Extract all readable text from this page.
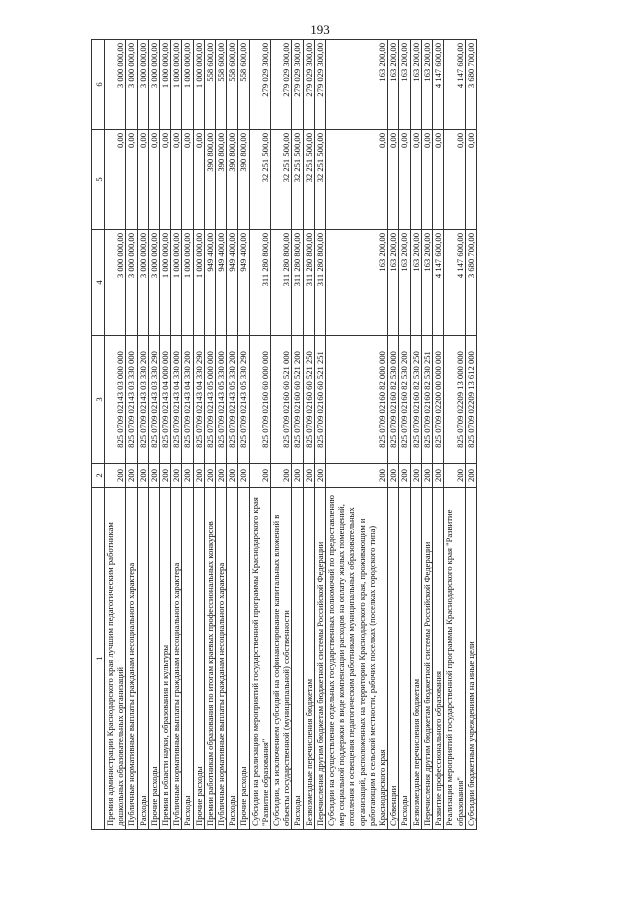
193
1	2	3	4	5	6
Премия администрации Краснодарского края лучшим педагогическим работникам дошкольных образовательных организаций	200	825 0709 02143 03 000 000	3 000 000,00	0,00	3 000 000,00
Публичные нормативные выплаты гражданам несоциального характера	200	825 0709 02143 03 330 000	3 000 000,00	0,00	3 000 000,00
Расходы	200	825 0709 02143 03 330 200	3 000 000,00	0,00	3 000 000,00
Прочие расходы	200	825 0709 02143 03 330 290	3 000 000,00	0,00	3 000 000,00
Премия в области науки, образования и культуры	200	825 0709 02143 04 000 000	1 000 000,00	0,00	1 000 000,00
Публичные нормативные выплаты гражданам несоциального характера	200	825 0709 02143 04 330 000	1 000 000,00	0,00	1 000 000,00
Расходы	200	825 0709 02143 04 330 200	1 000 000,00	0,00	1 000 000,00
Прочие расходы	200	825 0709 02143 04 330 290	1 000 000,00	0,00	1 000 000,00
Премии работникам образования по итогам краевых профессиональных конкурсов	200	825 0709 02143 05 000 000	949 400,00	390 800,00	558 600,00
Публичные нормативные выплаты гражданам несоциального характера	200	825 0709 02143 05 330 000	949 400,00	390 800,00	558 600,00
Расходы	200	825 0709 02143 05 330 200	949 400,00	390 800,00	558 600,00
Прочие расходы	200	825 0709 02143 05 330 290	949 400,00	390 800,00	558 600,00
Субсидии на реализацию мероприятий государственной программы Краснодарского края "Развитие образования"	200	825 0709 02160 60 000 000	311 280 800,00	32 251 500,00	279 029 300,00
Субсидии, за исключением субсидий на софинансирование капитальных вложений в объекты государственной (муниципальной) собственности	200	825 0709 02160 60 521 000	311 280 800,00	32 251 500,00	279 029 300,00
Расходы	200	825 0709 02160 60 521 200	311 280 800,00	32 251 500,00	279 029 300,00
Безвозмездные перечисления бюджетам	200	825 0709 02160 60 521 250	311 280 800,00	32 251 500,00	279 029 300,00
Перечисления другим бюджетам бюджетной системы Российской Федерации	200	825 0709 02160 60 521 251	311 280 800,00	32 251 500,00	279 029 300,00
Субсидии на осуществление отдельных государственных полномочий по предоставлению мер социальной поддержки в виде компенсации расходов на оплату жилых помещений, отопления и освещения педагогическим работникам муниципальных образовательных организаций, расположенных на территории Краснодарского края, проживающим и работающим в сельской местности, рабочих поселках (поселках городского типа) Краснодарского края	200	825 0709 02160 82 000 000	163 200,00	0,00	163 200,00
Субвенции	200	825 0709 02160 82 530 000	163 200,00	0,00	163 200,00
Расходы	200	825 0709 02160 82 530 200	163 200,00	0,00	163 200,00
Безвозмездные перечисления бюджетам	200	825 0709 02160 82 530 250	163 200,00	0,00	163 200,00
Перечисления другим бюджетам бюджетной системы Российской Федерации	200	825 0709 02160 82 530 251	163 200,00	0,00	163 200,00
Развитие профессионального образования	200	825 0709 02200 00 000 000	4 147 600,00	0,00	4 147 600,00
Реализация мероприятий государственной программы Краснодарского края "Развитие образования"	200	825 0709 02209 13 000 000	4 147 600,00	0,00	4 147 600,00
Субсидии бюджетным учреждениям на иные цели	200	825 0709 02209 13 612 000	3 680 700,00	0,00	3 680 700,00
